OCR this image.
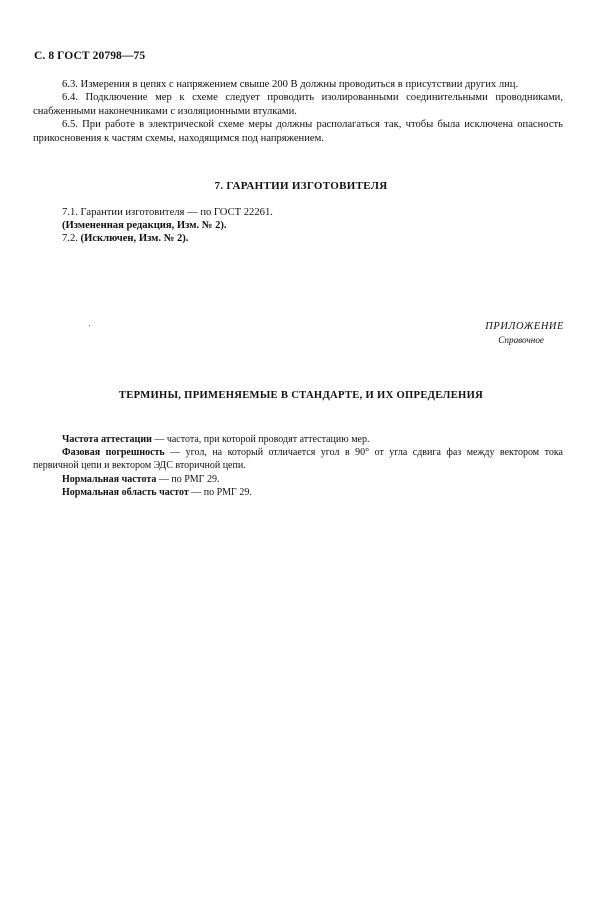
С. 8 ГОСТ 20798—75

6.3. Измерения в цепях с напряжением свыше 200 В должны проводиться в присутствии других лиц.

6.4. Подключение мер к схеме следует проводить изолированными соединительными проводниками, снабженными наконечниками с изоляционными втулками.

6.5. При работе в электрической схеме меры должны располагаться так, чтобы была исключена опасность прикосновения к частям схемы, находящимся под напряжением.

7. ГАРАНТИИ ИЗГОТОВИТЕЛЯ
7.1. Гарантии изготовителя — по ГОСТ 22261.
(Измененная редакция, Изм. № 2).
7.2. (Исключен, Изм. № 2).
ПРИЛОЖЕНИЕ
Справочное
ТЕРМИНЫ, ПРИМЕНЯЕМЫЕ В СТАНДАРТЕ, И ИХ ОПРЕДЕЛЕНИЯ

Частота аттестации — частота, при которой проводят аттестацию мер.

Фазовая погрешность — угол, на который отличается угол в 90° от угла сдвига фаз между вектором тока первичной цепи и вектором ЭДС вторичной цепи.

Нормальная частота — по РМГ 29.

Нормальная область частот — по РМГ 29.
